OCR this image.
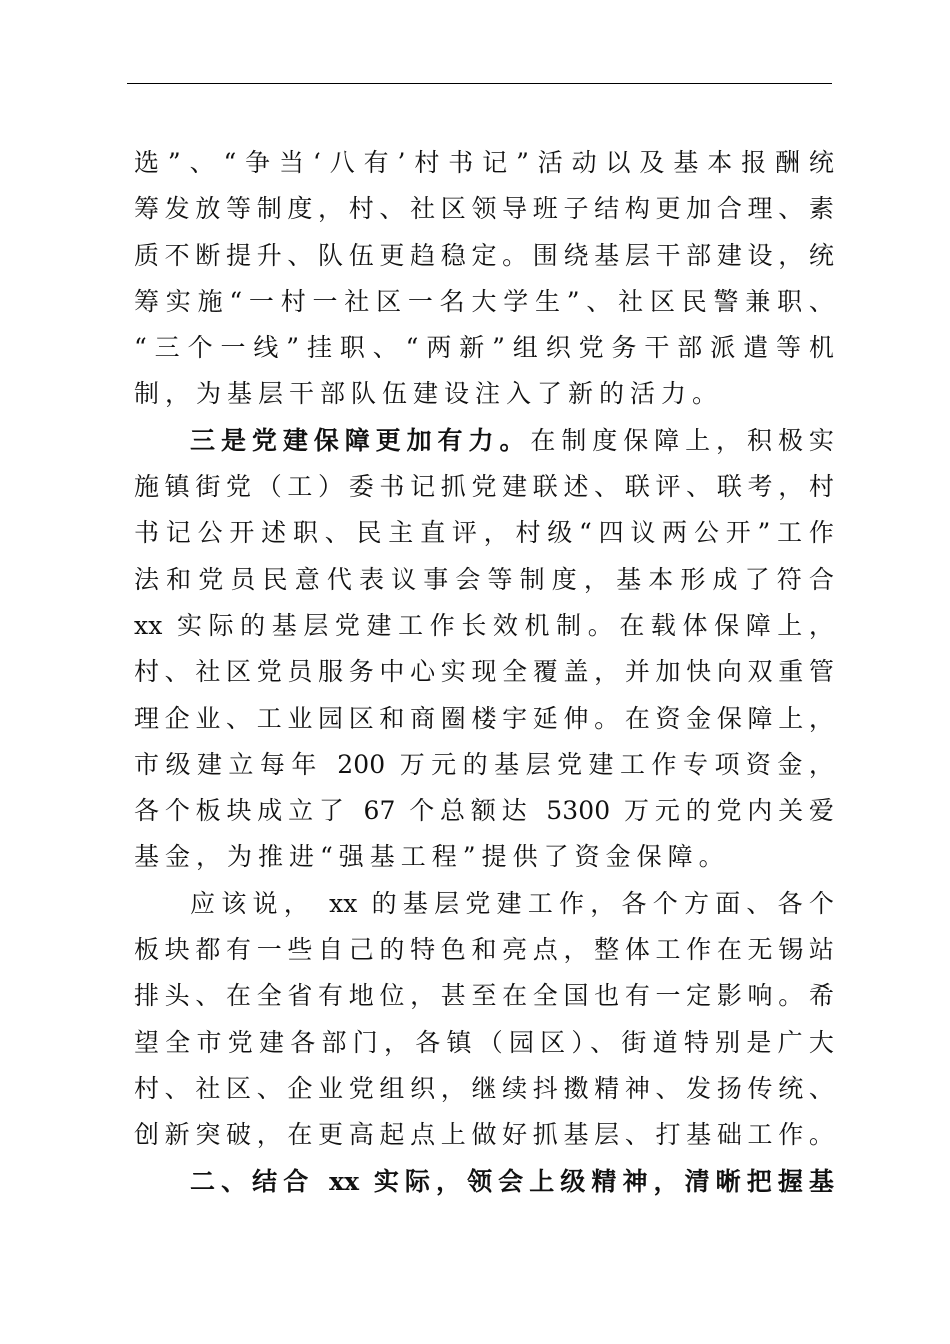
选”、“争当‘八有’村书记”活动以及基本报酬统
筹发放等制度，村、社区领导班子结构更加合理、素
质不断提升、队伍更趋稳定。围绕基层干部建设，统
筹实施“一村一社区一名大学生”、社区民警兼职、
“三个一线”挂职、“两新”组织党务干部派遣等机
制，为基层干部队伍建设注入了新的活力。
三是党建保障更加有力。在制度保障上，积极实
施镇街党（工）委书记抓党建联述、联评、联考，村
书记公开述职、民主直评，村级“四议两公开”工作
法和党员民意代表议事会等制度，基本形成了符合
xx 实际的基层党建工作长效机制。在载体保障上，
村、社区党员服务中心实现全覆盖，并加快向双重管
理企业、工业园区和商圈楼宇延伸。在资金保障上，
市级建立每年 200 万元的基层党建工作专项资金，
各个板块成立了 67 个总额达 5300 万元的党内关爱
基金，为推进“强基工程”提供了资金保障。
应该说， xx 的基层党建工作，各个方面、各个
板块都有一些自己的特色和亮点，整体工作在无锡站
排头、在全省有地位，甚至在全国也有一定影响。希
望全市党建各部门，各镇（园区）、街道特别是广大
村、社区、企业党组织，继续抖擞精神、发扬传统、
创新突破，在更高起点上做好抓基层、打基础工作。
二、结合 xx 实际，领会上级精神，清晰把握基
